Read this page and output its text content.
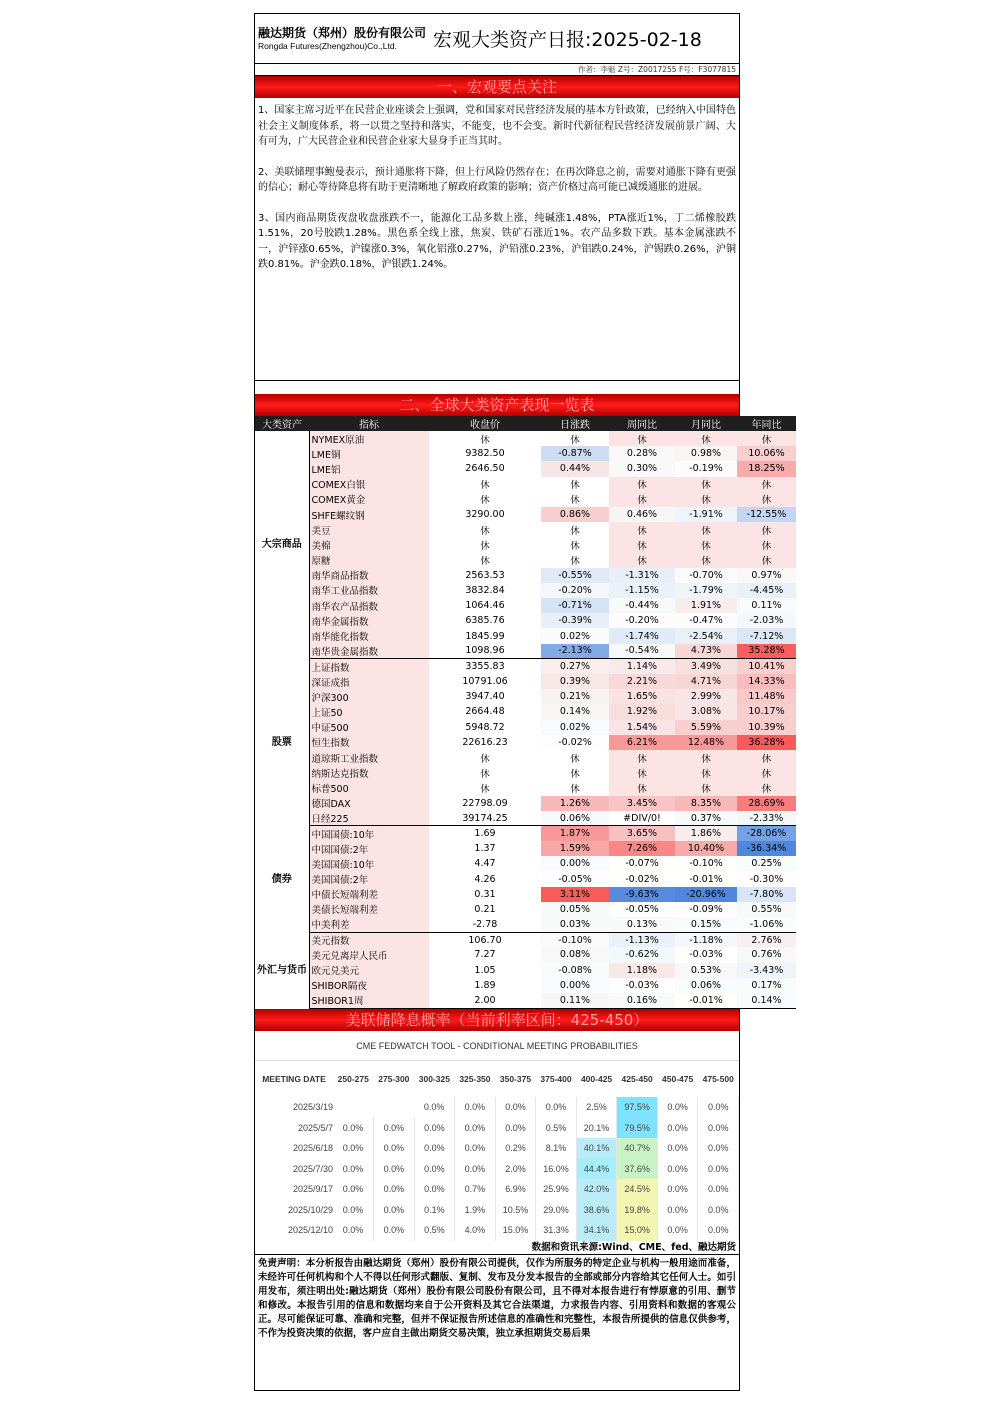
融达期货（郑州）股份有限公司
Rongda Futures(Zhengzhou)Co.,Ltd. 宏观大类资产日报:2025-02-18
作者：李魁 Z号：Z0017255 F号：F3077815
一、宏观要点关注

1、国家主席习近平在民营企业座谈会上强调，党和国家对民营经济发展的基本方针政策，已经纳入中国特色社会主义制度体系，将一以贯之坚持和落实，不能变，也不会变。新时代新征程民营经济发展前景广阔、大有可为，广大民营企业和民营企业家大显身手正当其时。

2、美联储理事鲍曼表示，预计通胀将下降，但上行风险仍然存在；在再次降息之前，需要对通胀下降有更强的信心；耐心等待降息将有助于更清晰地了解政府政策的影响；资产价格过高可能已减缓通胀的进展。

3、国内商品期货夜盘收盘涨跌不一，能源化工品多数上涨，纯碱涨1.48%，PTA涨近1%，丁二烯橡胶跌1.51%，20号胶跌1.28%。黑色系全线上涨，焦炭、铁矿石涨近1%。农产品多数下跌。基本金属涨跌不一，沪锌涨0.65%，沪镍涨0.3%，氧化铝涨0.27%，沪铅涨0.23%，沪铝跌0.24%，沪锡跌0.26%，沪铜跌0.81%。沪金跌0.18%，沪银跌1.24%。

二、全球大类资产表现一览表
大类资产	指标	收盘价	日涨跌	周同比	月同比	年同比
大宗商品	NYMEX原油	休	休	休	休	休
	LME铜	9382.50	-0.87%	0.28%	0.98%	10.06%
	LME铝	2646.50	0.44%	0.30%	-0.19%	18.25%
	COMEX白银	休	休	休	休	休
	COMEX黄金	休	休	休	休	休
	SHFE螺纹钢	3290.00	0.86%	0.46%	-1.91%	-12.55%
	美豆	休	休	休	休	休
	美棉	休	休	休	休	休
	原糖	休	休	休	休	休
	南华商品指数	2563.53	-0.55%	-1.31%	-0.70%	0.97%
	南华工业品指数	3832.84	-0.20%	-1.15%	-1.79%	-4.45%
	南华农产品指数	1064.46	-0.71%	-0.44%	1.91%	0.11%
	南华金属指数	6385.76	-0.39%	-0.20%	-0.47%	-2.03%
	南华能化指数	1845.99	0.02%	-1.74%	-2.54%	-7.12%
	南华贵金属指数	1098.96	-2.13%	-0.54%	4.73%	35.28%
股票	上证指数	3355.83	0.27%	1.14%	3.49%	10.41%
	深证成指	10791.06	0.39%	2.21%	4.71%	14.33%
	沪深300	3947.40	0.21%	1.65%	2.99%	11.48%
	上证50	2664.48	0.14%	1.92%	3.08%	10.17%
	中证500	5948.72	0.02%	1.54%	5.59%	10.39%
	恒生指数	22616.23	-0.02%	6.21%	12.48%	36.28%
	道琼斯工业指数	休	休	休	休	休
	纳斯达克指数	休	休	休	休	休
	标普500	休	休	休	休	休
	德国DAX	22798.09	1.26%	3.45%	8.35%	28.69%
	日经225	39174.25	0.06%	#DIV/0!	0.37%	-2.33%
债券	中国国债:10年	1.69	1.87%	3.65%	1.86%	-28.06%
	中国国债:2年	1.37	1.59%	7.26%	10.40%	-36.34%
	美国国债:10年	4.47	0.00%	-0.07%	-0.10%	0.25%
	美国国债:2年	4.26	-0.05%	-0.02%	-0.01%	-0.30%
	中债长短端利差	0.31	3.11%	-9.63%	-20.96%	-7.80%
	美债长短端利差	0.21	0.05%	-0.05%	-0.09%	0.55%
	中美利差	-2.78	0.03%	0.13%	0.15%	-1.06%
外汇与货币	美元指数	106.70	-0.10%	-1.13%	-1.18%	2.76%
	美元兑离岸人民币	7.27	0.08%	-0.62%	-0.03%	0.76%
	欧元兑美元	1.05	-0.08%	1.18%	0.53%	-3.43%
	SHIBOR隔夜	1.89	0.00%	-0.03%	0.06%	0.17%
	SHIBOR1周	2.00	0.11%	0.16%	-0.01%	0.14%
美联储降息概率（当前利率区间：425-450）
CME FEDWATCH TOOL - CONDITIONAL MEETING PROBABILITIES
MEETING DATE	250-275	275-300	300-325	325-350	350-375	375-400	400-425	425-450	450-475	475-500
2025/3/19			0.0%	0.0%	0.0%	0.0%	2.5%	97.5%	0.0%	0.0%
2025/5/7	0.0%	0.0%	0.0%	0.0%	0.0%	0.5%	20.1%	79.5%	0.0%	0.0%
2025/6/18	0.0%	0.0%	0.0%	0.0%	0.2%	8.1%	40.1%	40.7%	0.0%	0.0%
2025/7/30	0.0%	0.0%	0.0%	0.0%	2.0%	16.0%	44.4%	37.6%	0.0%	0.0%
2025/9/17	0.0%	0.0%	0.0%	0.7%	6.9%	25.9%	42.0%	24.5%	0.0%	0.0%
2025/10/29	0.0%	0.0%	0.1%	1.9%	10.5%	29.0%	38.6%	19.8%	0.0%	0.0%
2025/12/10	0.0%	0.0%	0.5%	4.0%	15.0%	31.3%	34.1%	15.0%	0.0%	0.0%
数据和资讯来源:Wind、CME、fed、融达期货
免责声明：本分析报告由融达期货（郑州）股份有限公司提供，仅作为所服务的特定企业与机构一般用途而准备，未经许可任何机构和个人不得以任何形式翻版、复制、发布及分发本报告的全部或部分内容给其它任何人士。如引用发布，须注明出处:融达期货（郑州）股份有限公司股份有限公司，且不得对本报告进行有悖原意的引用、删节和修改。本报告引用的信息和数据均来自于公开资料及其它合法渠道，力求报告内容、引用资料和数据的客观公正。尽可能保证可靠、准确和完整，但并不保证报告所述信息的准确性和完整性，本报告所提供的信息仅供参考，不作为投资决策的依据，客户应自主做出期货交易决策，独立承担期货交易后果
